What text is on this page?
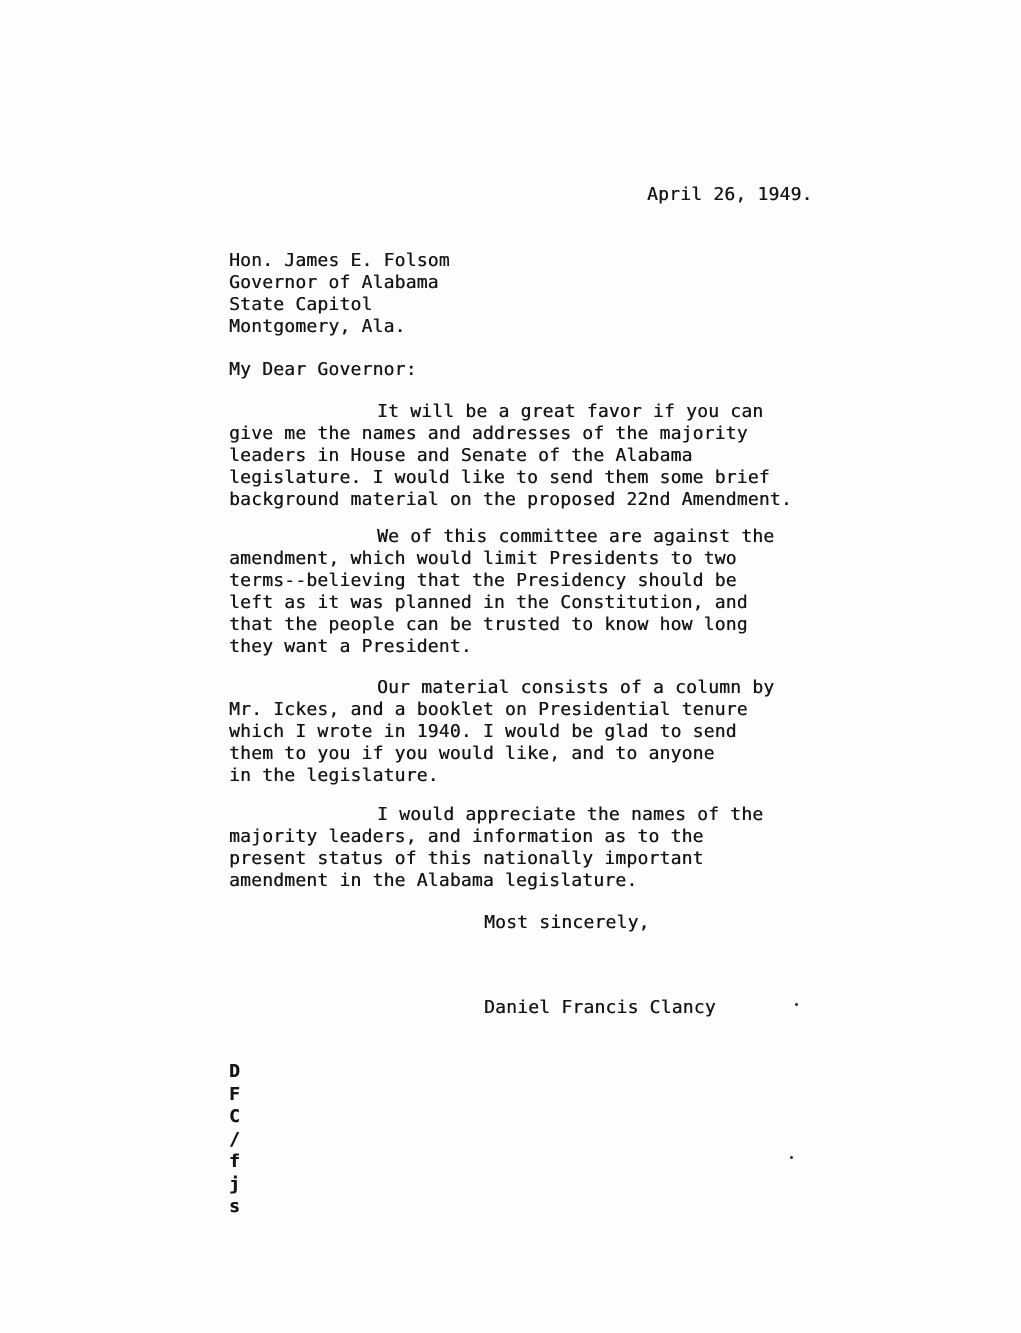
April 26, 1949.
Hon. James E. Folsom
Governor of Alabama
State Capitol
Montgomery, Ala.
My Dear Governor:
It will be a great favor if you can
give me the names and addresses of the majority
leaders in House and Senate of the Alabama
legislature. I would like to send them some brief
background material on the proposed 22nd Amendment.
We of this committee are against the
amendment, which would limit Presidents to two
terms--believing that the Presidency should be
left as it was planned in the Constitution, and
that the people can be trusted to know how long
they want a President.
Our material consists of a column by
Mr. Ickes, and a booklet on Presidential tenure
which I wrote in 1940. I would be glad to send
them to you if you would like, and to anyone
in the legislature.
I would appreciate the names of the
majority leaders, and information as to the
present status of this nationally important
amendment in the Alabama legislature.
Most sincerely,
Daniel Francis Clancy
D
F
C
/
f
j
s
